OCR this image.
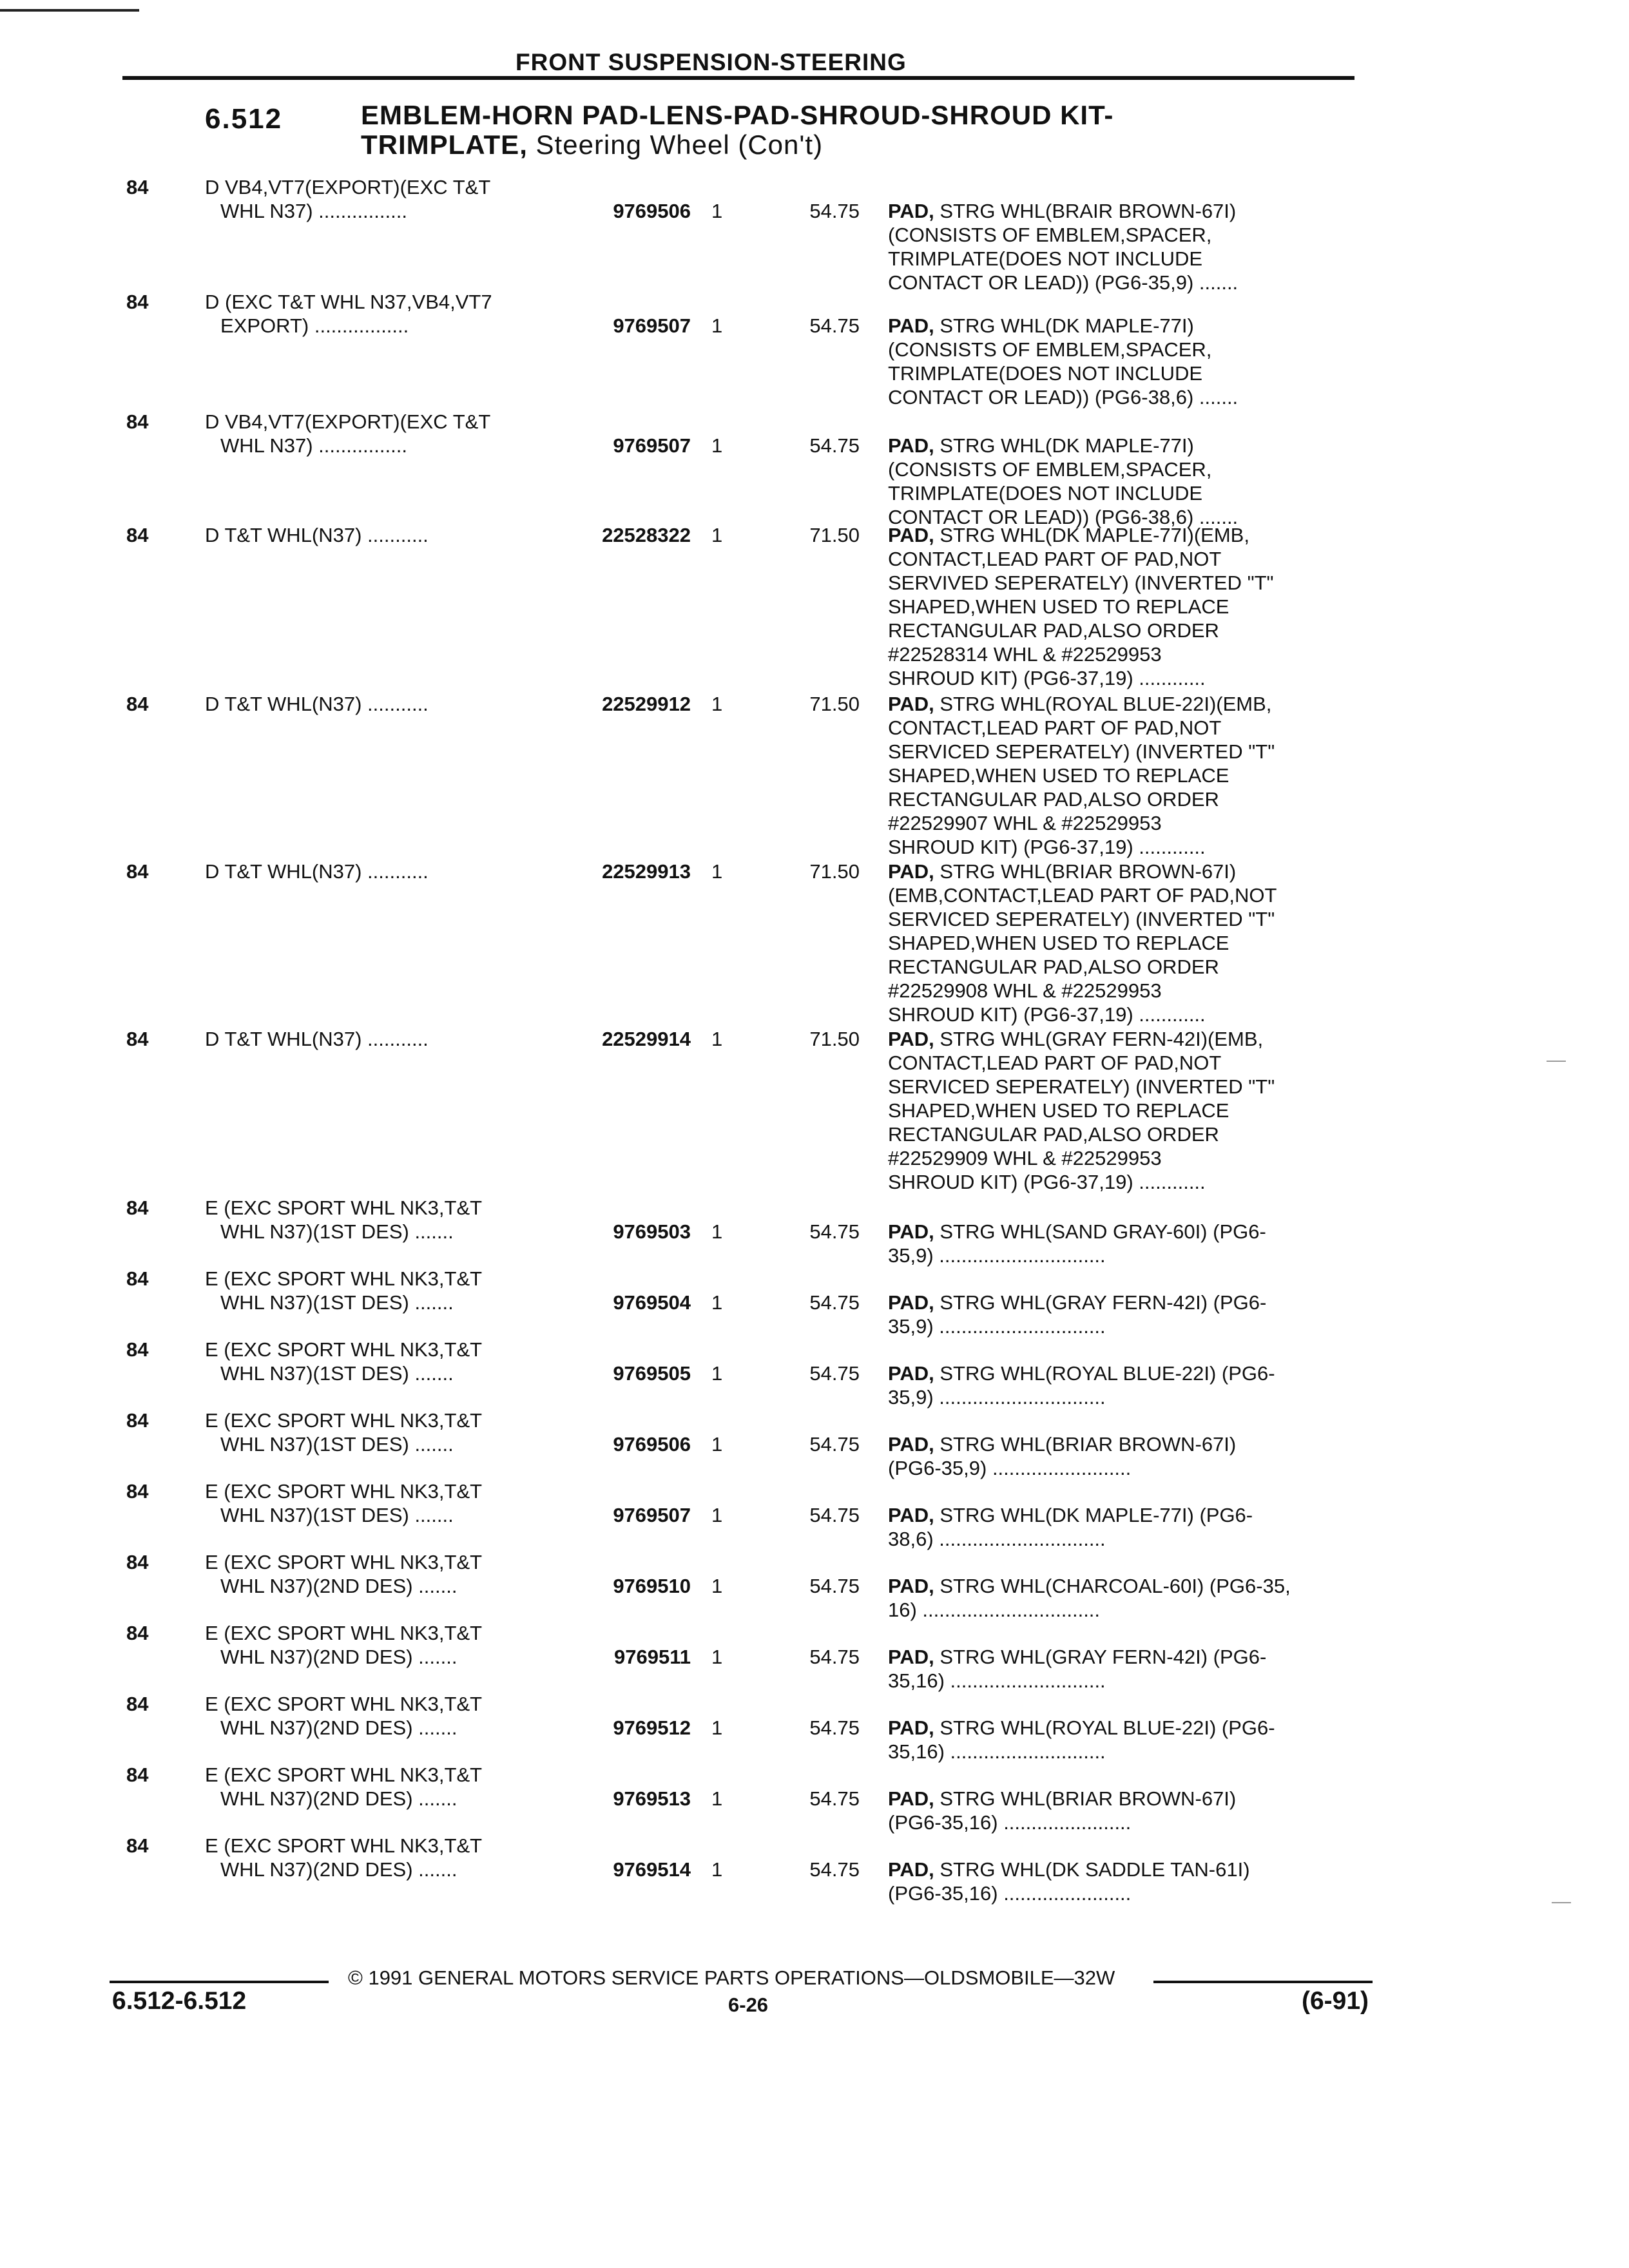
FRONT SUSPENSION-STEERING
6.512	EMBLEM-HORN PAD-LENS-PAD-SHROUD-SHROUD KIT-
TRIMPLATE, Steering Wheel (Con't)
84	D VB4,VT7(EXPORT)(EXC T&T
WHL N37) ................	9769506 1	54.75 PAD, STRG WHL(BRAIR BROWN-67I)
(CONSISTS OF EMBLEM,SPACER,
TRIMPLATE(DOES NOT INCLUDE
CONTACT OR LEAD)) (PG6-35,9) .......
84	D (EXC T&T WHL N37,VB4,VT7
EXPORT) .................	9769507 1	54.75 PAD, STRG WHL(DK MAPLE-77I)
(CONSISTS OF EMBLEM,SPACER,
TRIMPLATE(DOES NOT INCLUDE
CONTACT OR LEAD)) (PG6-38,6) .......
84	D VB4,VT7(EXPORT)(EXC T&T
WHL N37) ................	9769507 1	54.75 PAD, STRG WHL(DK MAPLE-77I)
(CONSISTS OF EMBLEM,SPACER,
TRIMPLATE(DOES NOT INCLUDE
CONTACT OR LEAD)) (PG6-38,6) .......
84	D T&T WHL(N37) ...........	22528322 1	71.50 PAD, STRG WHL(DK MAPLE-77I)(EMB,
CONTACT,LEAD PART OF PAD,NOT
SERVIVED SEPERATELY) (INVERTED "T"
SHAPED,WHEN USED TO REPLACE
RECTANGULAR PAD,ALSO ORDER
#22528314 WHL & #22529953
SHROUD KIT) (PG6-37,19) ............
84	D T&T WHL(N37) ...........	22529912 1	71.50 PAD, STRG WHL(ROYAL BLUE-22I)(EMB,
CONTACT,LEAD PART OF PAD,NOT
SERVICED SEPERATELY) (INVERTED "T"
SHAPED,WHEN USED TO REPLACE
RECTANGULAR PAD,ALSO ORDER
#22529907 WHL & #22529953
SHROUD KIT) (PG6-37,19) ............
84	D T&T WHL(N37) ...........	22529913 1	71.50 PAD, STRG WHL(BRIAR BROWN-67I)
(EMB,CONTACT,LEAD PART OF PAD,NOT
SERVICED SEPERATELY) (INVERTED "T"
SHAPED,WHEN USED TO REPLACE
RECTANGULAR PAD,ALSO ORDER
#22529908 WHL & #22529953
SHROUD KIT) (PG6-37,19) ............
84	D T&T WHL(N37) ...........	22529914 1	71.50 PAD, STRG WHL(GRAY FERN-42I)(EMB,
CONTACT,LEAD PART OF PAD,NOT
SERVICED SEPERATELY) (INVERTED "T"
SHAPED,WHEN USED TO REPLACE
RECTANGULAR PAD,ALSO ORDER
#22529909 WHL & #22529953
SHROUD KIT) (PG6-37,19) ............
84	E (EXC SPORT WHL NK3,T&T
WHL N37)(1ST DES) .......	9769503 1	54.75 PAD, STRG WHL(SAND GRAY-60I) (PG6-
35,9) ..............................
84	E (EXC SPORT WHL NK3,T&T
WHL N37)(1ST DES) .......	9769504 1	54.75 PAD, STRG WHL(GRAY FERN-42I) (PG6-
35,9) ..............................
84	E (EXC SPORT WHL NK3,T&T
WHL N37)(1ST DES) .......	9769505 1	54.75 PAD, STRG WHL(ROYAL BLUE-22I) (PG6-
35,9) ..............................
84	E (EXC SPORT WHL NK3,T&T
WHL N37)(1ST DES) .......	9769506 1	54.75 PAD, STRG WHL(BRIAR BROWN-67I)
(PG6-35,9) .........................
84	E (EXC SPORT WHL NK3,T&T
WHL N37)(1ST DES) .......	9769507 1	54.75 PAD, STRG WHL(DK MAPLE-77I) (PG6-
38,6) ..............................
84	E (EXC SPORT WHL NK3,T&T
WHL N37)(2ND DES) .......	9769510 1	54.75 PAD, STRG WHL(CHARCOAL-60I) (PG6-35,
16) ................................
84	E (EXC SPORT WHL NK3,T&T
WHL N37)(2ND DES) .......	9769511 1	54.75 PAD, STRG WHL(GRAY FERN-42I) (PG6-
35,16) ............................
84	E (EXC SPORT WHL NK3,T&T
WHL N37)(2ND DES) .......	9769512 1	54.75 PAD, STRG WHL(ROYAL BLUE-22I) (PG6-
35,16) ............................
84	E (EXC SPORT WHL NK3,T&T
WHL N37)(2ND DES) .......	9769513 1	54.75 PAD, STRG WHL(BRIAR BROWN-67I)
(PG6-35,16) .......................
84	E (EXC SPORT WHL NK3,T&T
WHL N37)(2ND DES) .......	9769514 1	54.75 PAD, STRG WHL(DK SADDLE TAN-61I)
(PG6-35,16) .......................
© 1991 GENERAL MOTORS SERVICE PARTS OPERATIONS—OLDSMOBILE—32W
6.512-6.512	6-26	(6-91)
